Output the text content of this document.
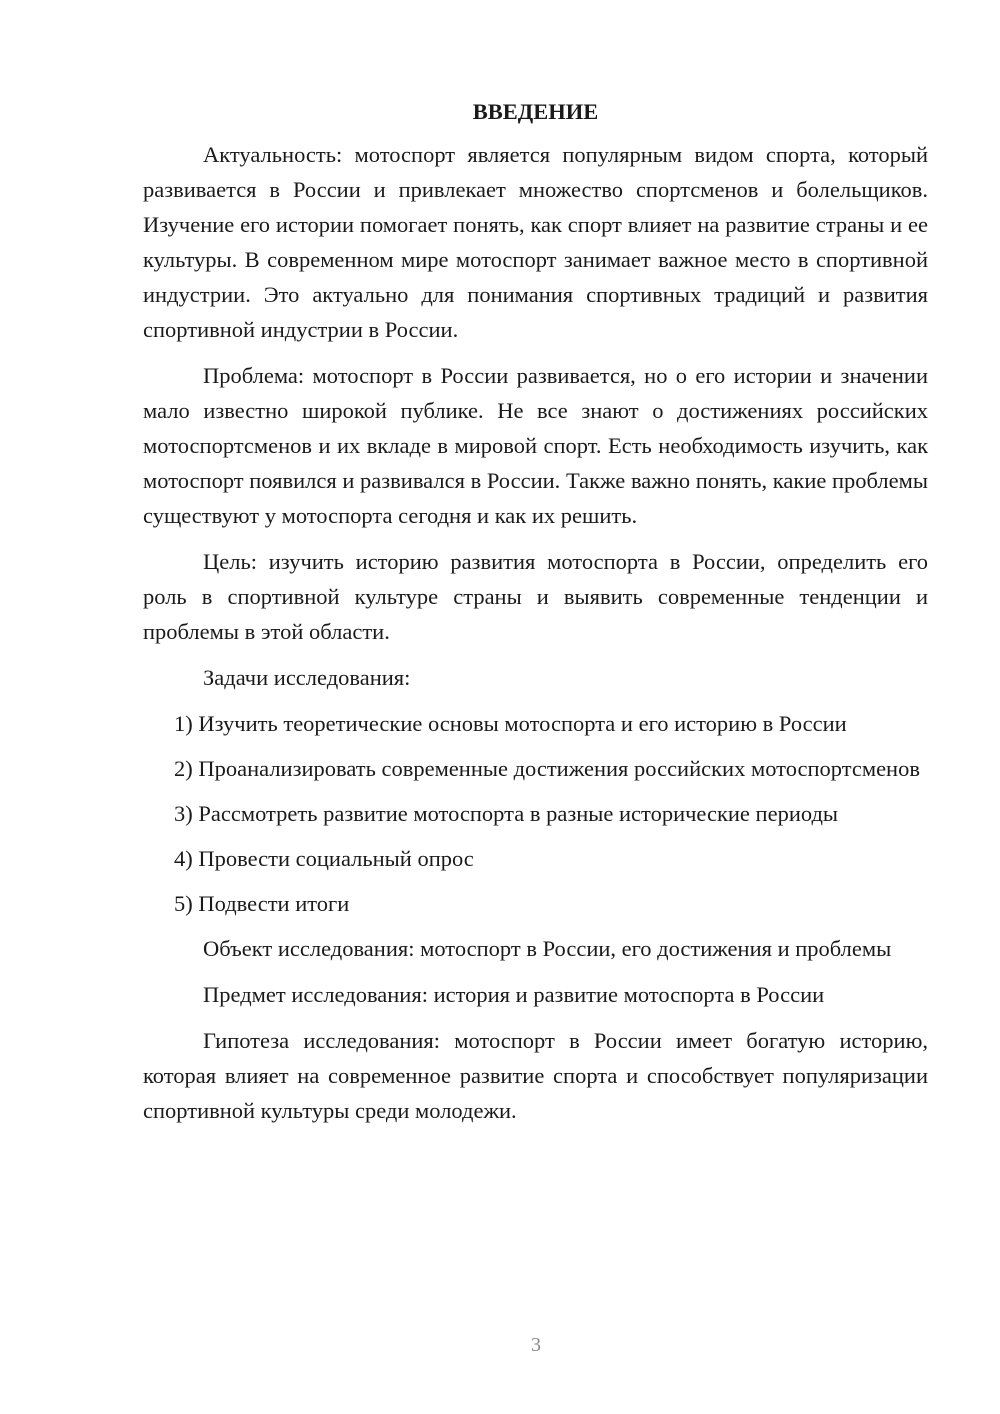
ВВЕДЕНИЕ

Актуальность: мотоспорт является популярным видом спорта, который развивается в России и привлекает множество спортсменов и болельщиков. Изучение его истории помогает понять, как спорт влияет на развитие страны и ее культуры. В современном мире мотоспорт занимает важное место в спортивной индустрии. Это актуально для понимания спортивных традиций и развития спортивной индустрии в России.

Проблема: мотоспорт в России развивается, но о его истории и значении мало известно широкой публике. Не все знают о достижениях российских мотоспортсменов и их вкладе в мировой спорт. Есть необходимость изучить, как мотоспорт появился и развивался в России. Также важно понять, какие проблемы существуют у мотоспорта сегодня и как их решить.

Цель: изучить историю развития мотоспорта в России, определить его роль в спортивной культуре страны и выявить современные тенденции и проблемы в этой области.

Задачи исследования:

1) Изучить теоретические основы мотоспорта и его историю в России

2) Проанализировать современные достижения российских мотоспортсменов

3) Рассмотреть развитие мотоспорта в разные исторические периоды

4) Провести социальный опрос

5) Подвести итоги

Объект исследования: мотоспорт в России, его достижения и проблемы

Предмет исследования: история и развитие мотоспорта в России

Гипотеза исследования: мотоспорт в России имеет богатую историю, которая влияет на современное развитие спорта и способствует популяризации спортивной культуры среди молодежи.

3
